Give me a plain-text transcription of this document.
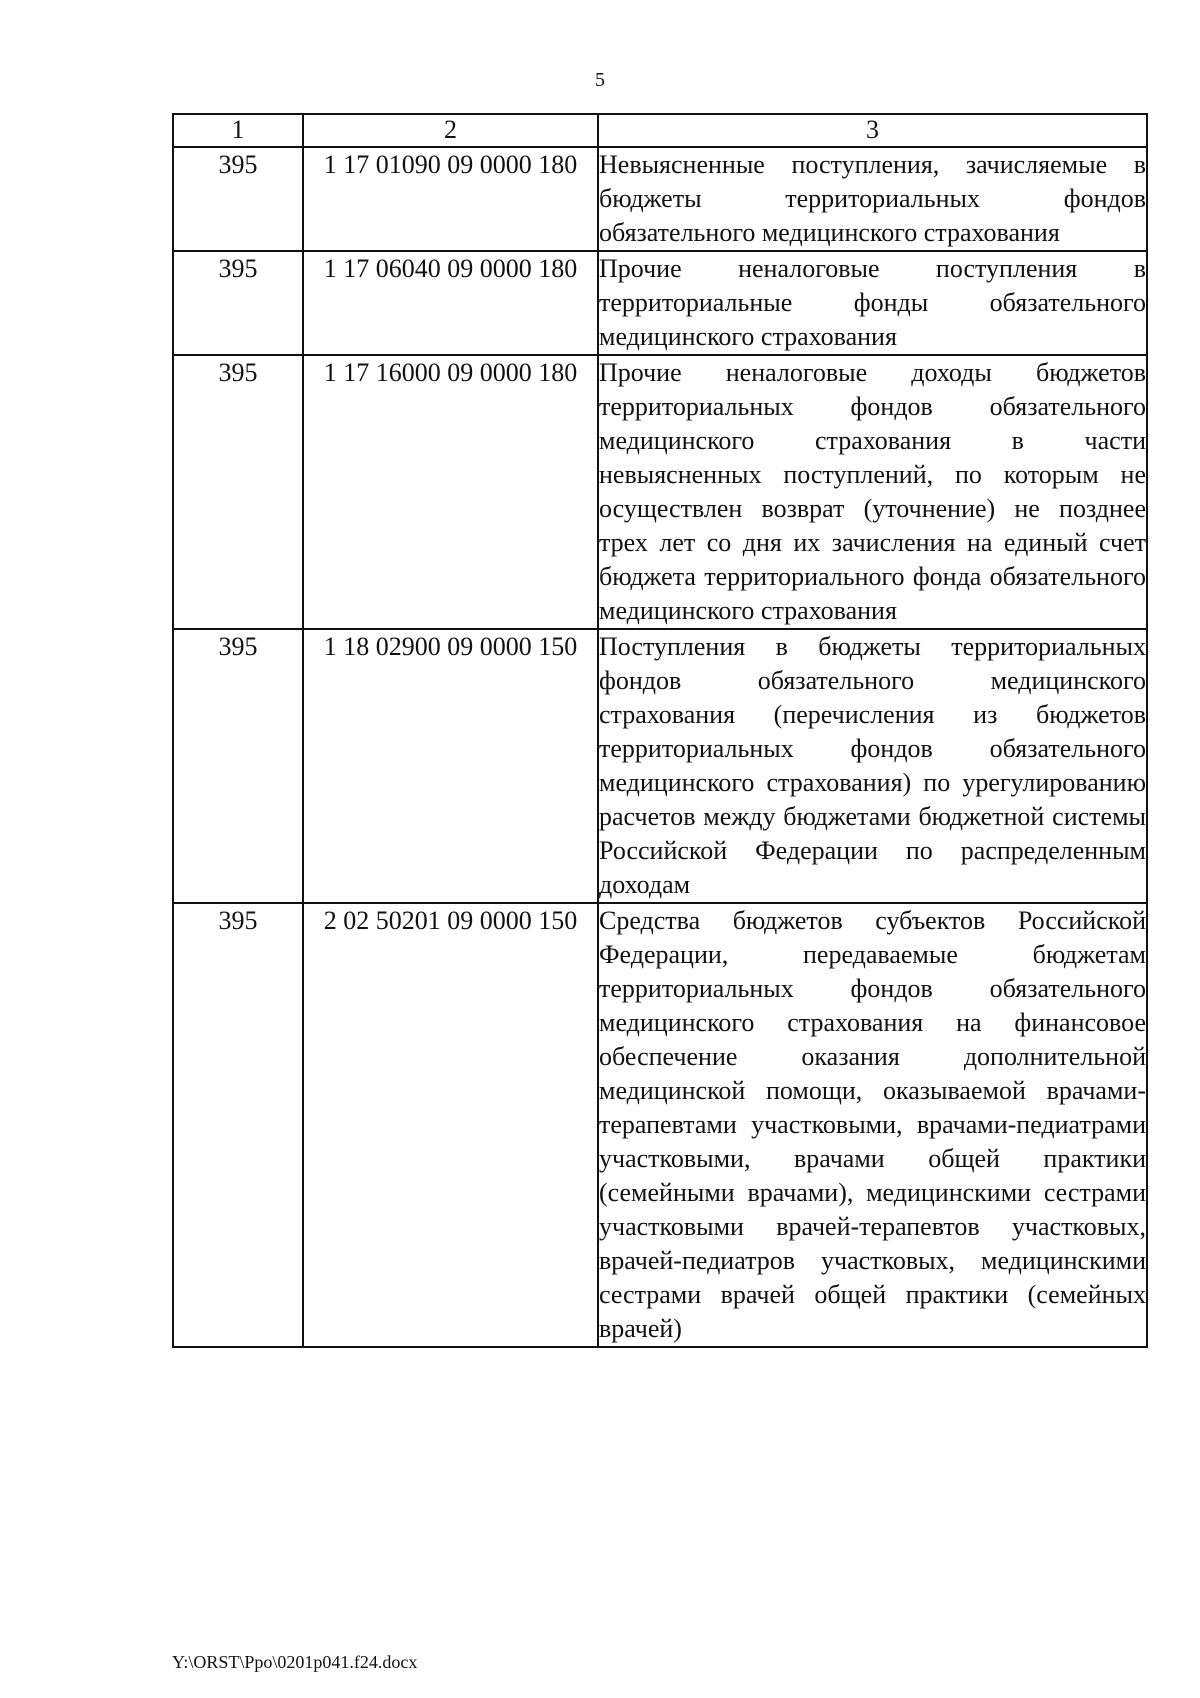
5
1	2	3
395	1 17 01090 09 0000 180	Невыясненные поступления, зачисляемые в бюджеты территориальных фондов обязательного медицинского страхования
395	1 17 06040 09 0000 180	Прочие неналоговые поступления в территориальные фонды обязательного медицинского страхования
395	1 17 16000 09 0000 180	Прочие неналоговые доходы бюджетов территориальных фондов обязательного медицинского страхования в части невыясненных поступлений, по которым не осуществлен возврат (уточнение) не позднее трех лет со дня их зачисления на единый счет бюджета территориального фонда обязательного медицинского страхования
395	1 18 02900 09 0000 150	Поступления в бюджеты территориальных фондов обязательного медицинского страхования (перечисления из бюджетов территориальных фондов обязательного медицинского страхования) по урегулированию расчетов между бюджетами бюджетной системы Российской Федерации по распределенным доходам
395	2 02 50201 09 0000 150	Средства бюджетов субъектов Российской Федерации, передаваемые бюджетам территориальных фондов обязательного медицинского страхования на финансовое обеспечение оказания дополнительной медицинской помощи, оказываемой врачами-терапевтами участковыми, врачами-педиатрами участковыми, врачами общей практики (семейными врачами), медицинскими сестрами участковыми врачей-терапевтов участковых, врачей-педиатров участковых, медицинскими сестрами врачей общей практики (семейных врачей)
Y:\ORST\Ppo\0201p041.f24.docx
